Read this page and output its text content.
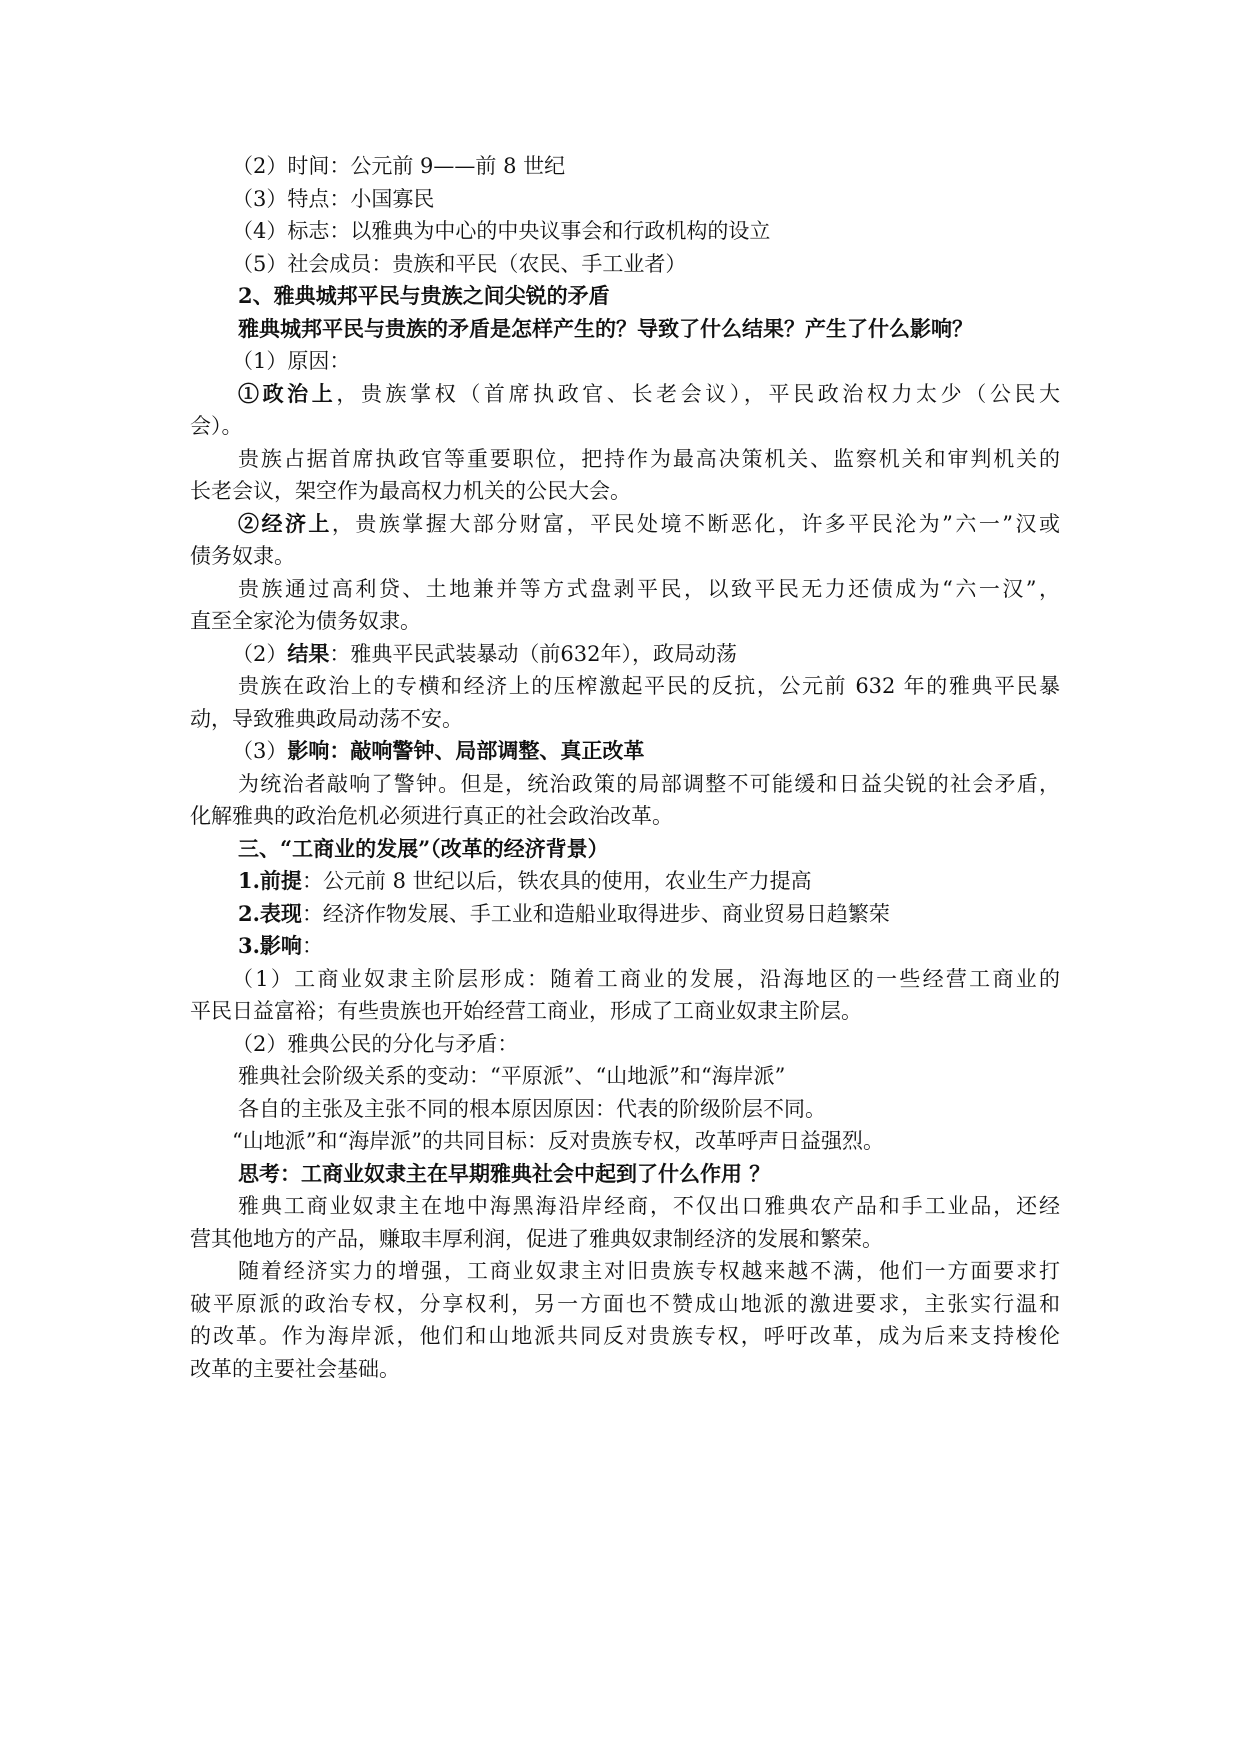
（2）时间：公元前 9——前 8 世纪
（3）特点：小国寡民
（4）标志：以雅典为中心的中央议事会和行政机构的设立
（5）社会成员：贵族和平民（农民、手工业者）
2、雅典城邦平民与贵族之间尖锐的矛盾
雅典城邦平民与贵族的矛盾是怎样产生的？导致了什么结果？产生了什么影响？
（1）原因：
①政治上，贵族掌权（首席执政官、长老会议），平民政治权力太少（公民大
会）。
贵族占据首席执政官等重要职位，把持作为最高决策机关、监察机关和审判机关的
长老会议，架空作为最高权力机关的公民大会。
②经济上，贵族掌握大部分财富，平民处境不断恶化，许多平民沦为”六一”汉或
债务奴隶。
贵族通过高利贷、土地兼并等方式盘剥平民，以致平民无力还债成为“六一汉”，
直至全家沦为债务奴隶。
（2）结果：雅典平民武装暴动（前632年），政局动荡
贵族在政治上的专横和经济上的压榨激起平民的反抗，公元前 632 年的雅典平民暴
动，导致雅典政局动荡不安。
（3）影响：敲响警钟、局部调整、真正改革
为统治者敲响了警钟。但是，统治政策的局部调整不可能缓和日益尖锐的社会矛盾，
化解雅典的政治危机必须进行真正的社会政治改革。
三、“工商业的发展”（改革的经济背景）
1.前提：公元前 8 世纪以后，铁农具的使用，农业生产力提高
2.表现：经济作物发展、手工业和造船业取得进步、商业贸易日趋繁荣
3.影响：
（1）工商业奴隶主阶层形成：随着工商业的发展，沿海地区的一些经营工商业的
平民日益富裕；有些贵族也开始经营工商业，形成了工商业奴隶主阶层。
（2）雅典公民的分化与矛盾：
雅典社会阶级关系的变动：“平原派”、“山地派”和“海岸派”
各自的主张及主张不同的根本原因原因：代表的阶级阶层不同。
“山地派”和“海岸派”的共同目标：反对贵族专权，改革呼声日益强烈。
思考：工商业奴隶主在早期雅典社会中起到了什么作用 ？
雅典工商业奴隶主在地中海黑海沿岸经商，不仅出口雅典农产品和手工业品，还经
营其他地方的产品，赚取丰厚利润，促进了雅典奴隶制经济的发展和繁荣。
随着经济实力的增强，工商业奴隶主对旧贵族专权越来越不满，他们一方面要求打
破平原派的政治专权，分享权利，另一方面也不赞成山地派的激进要求，主张实行温和
的改革。作为海岸派，他们和山地派共同反对贵族专权，呼吁改革，成为后来支持梭伦
改革的主要社会基础。
